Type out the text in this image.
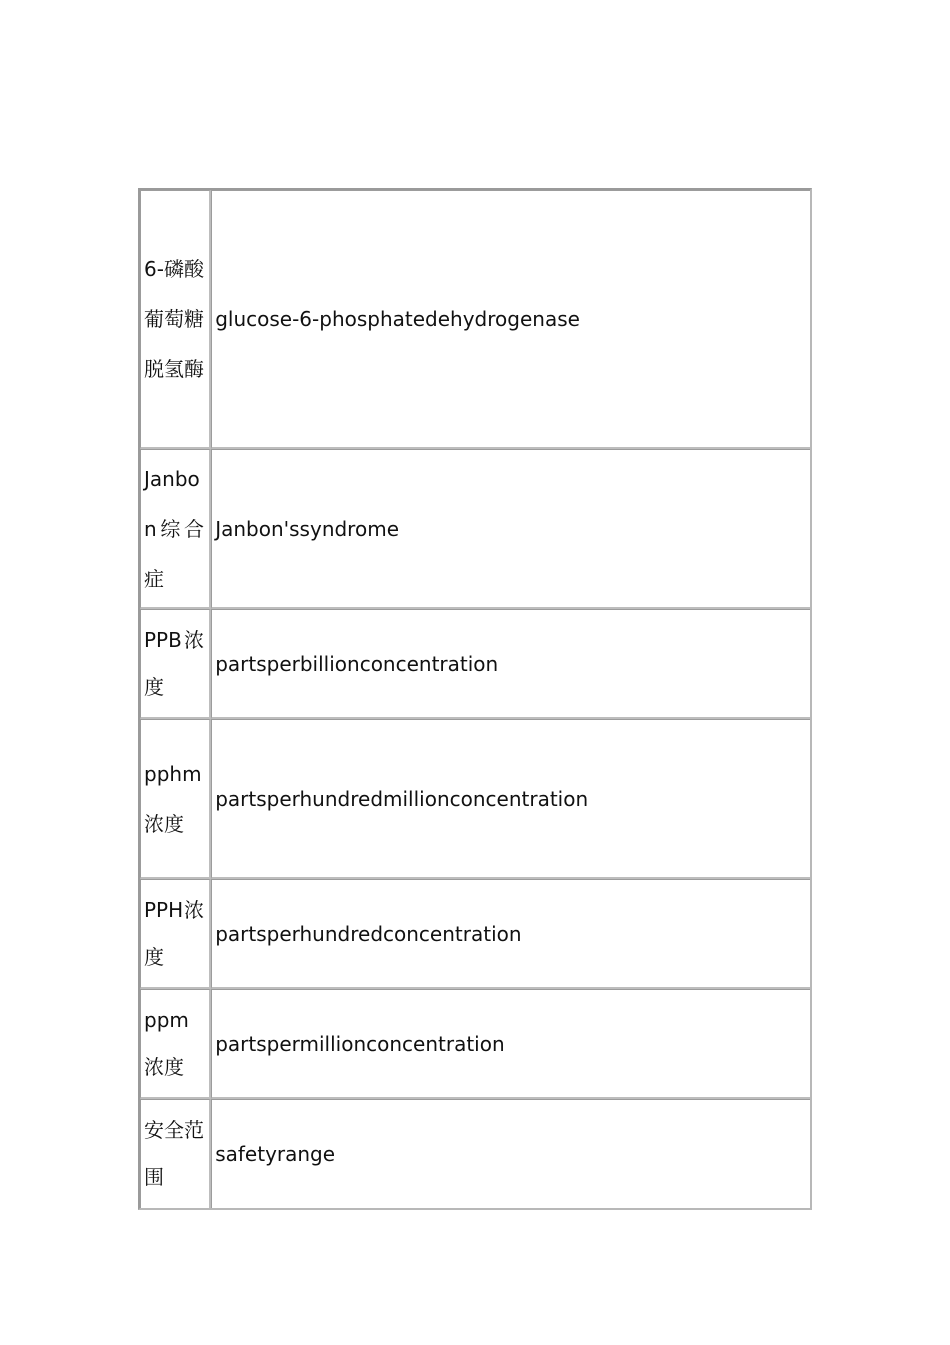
6-磷酸葡萄糖脱氢酶	glucose-6-phosphatedehydrogenase

Janbon综合症	Janbon'ssyndrome

PPB浓度	partsperbillionconcentration

pphm浓度	partsperhundredmillionconcentration

PPH浓度	partsperhundredconcentration

ppm浓度	partspermillionconcentration

安全范围	safetyrange
